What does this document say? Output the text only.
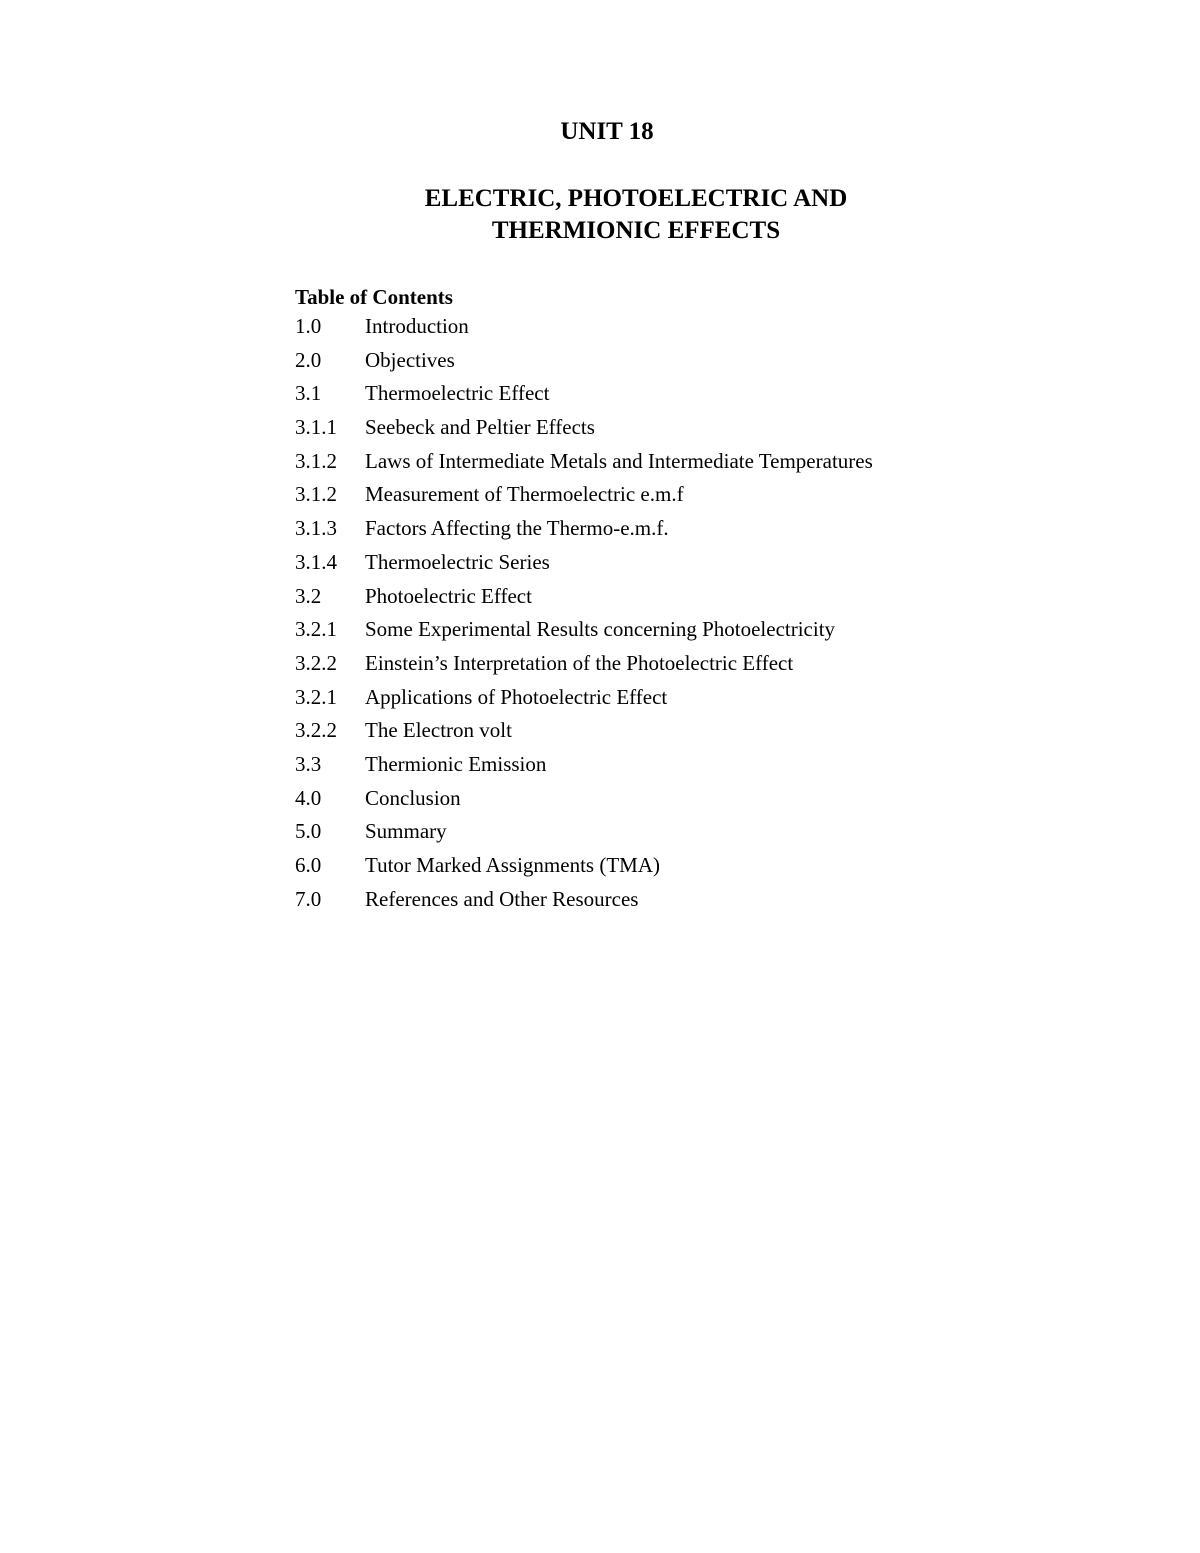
UNIT 18
ELECTRIC, PHOTOELECTRIC AND
THERMIONIC EFFECTS
Table of Contents
1.0	Introduction
2.0	Objectives
3.1	Thermoelectric Effect
3.1.1	Seebeck and Peltier Effects
3.1.2	Laws of Intermediate Metals and Intermediate Temperatures
3.1.2	Measurement of Thermoelectric e.m.f
3.1.3	Factors Affecting the Thermo-e.m.f.
3.1.4	Thermoelectric Series
3.2	Photoelectric Effect
3.2.1	Some Experimental Results concerning Photoelectricity
3.2.2	Einstein’s Interpretation of the Photoelectric Effect
3.2.1	Applications of Photoelectric Effect
3.2.2	The Electron volt
3.3	Thermionic Emission
4.0	Conclusion
5.0	Summary
6.0	Tutor Marked Assignments (TMA)
7.0	References and Other Resources
